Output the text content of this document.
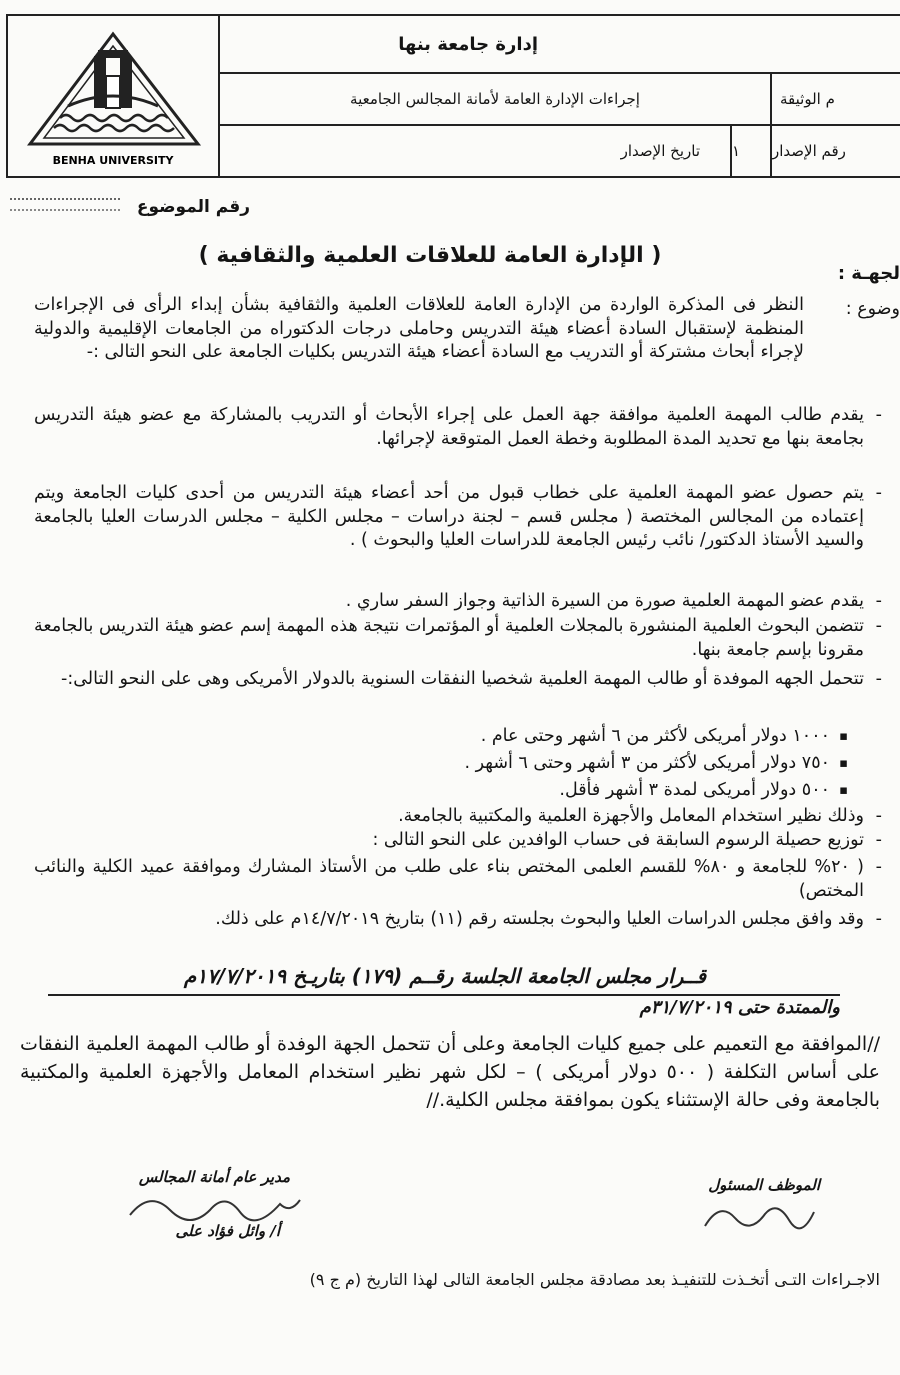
BENHA UNIVERSITY
إدارة جامعة بنها
إجراءات الإدارة العامة لأمانة المجالس الجامعية	م الوثيقة
تاريخ الإصدار ١ رقم الإصدار
رقم الموضوع
( الإدارة العامة للعلاقات العلمية والثقافية )
لجهـة :
وضوع :
النظر فى المذكرة الواردة من الإدارة العامة للعلاقات العلمية والثقافية بشأن إبداء الرأى فى الإجراءات المنظمة لإستقبال السادة أعضاء هيئة التدريس وحاملى درجات الدكتوراه من الجامعات الإقليمية والدولية لإجراء أبحاث مشتركة أو التدريب مع السادة أعضاء هيئة التدريس بكليات الجامعة على النحو التالى :-
- يقدم طالب المهمة العلمية موافقة جهة العمل على إجراء الأبحاث أو التدريب بالمشاركة مع عضو هيئة التدريس بجامعة بنها مع تحديد المدة المطلوبة وخطة العمل المتوقعة لإجرائها.
- يتم حصول عضو المهمة العلمية على خطاب قبول من أحد أعضاء هيئة التدريس من أحدى كليات الجامعة ويتم إعتماده من المجالس المختصة ( مجلس قسم – لجنة دراسات – مجلس الكلية – مجلس الدرسات العليا بالجامعة والسيد الأستاذ الدكتور/ نائب رئيس الجامعة للدراسات العليا والبحوث ) .
- يقدم عضو المهمة العلمية صورة من السيرة الذاتية وجواز السفر ساري .
- تتضمن البحوث العلمية المنشورة بالمجلات العلمية أو المؤتمرات نتيجة هذه المهمة إسم عضو هيئة التدريس بالجامعة مقرونا بإسم جامعة بنها.
- تتحمل الجهه الموفدة أو طالب المهمة العلمية شخصيا النفقات السنوية بالدولار الأمريكى وهى على النحو التالى:-
▪ ١٠٠٠ دولار أمريكى لأكثر من ٦ أشهر وحتى عام .
▪ ٧٥٠ دولار أمريكى لأكثر من ٣ أشهر وحتى ٦ أشهر .
▪ ٥٠٠ دولار أمريكى لمدة ٣ أشهر فأقل.
- وذلك نظير استخدام المعامل والأجهزة العلمية والمكتبية بالجامعة.
- توزيع حصيلة الرسوم السابقة فى حساب الوافدين على النحو التالى :
- ( ٢٠% للجامعة و ٨٠% للقسم العلمى المختص بناء على طلب من الأستاذ المشارك وموافقة عميد الكلية والنائب المختص)
- وقد وافق مجلس الدراسات العليا والبحوث بجلسته رقم (١١) بتاريخ ١٤/٧/٢٠١٩م على ذلك.
قــرار مجلس الجامعة الجلسة رقــم (١٧٩) بتاريـخ ١٧/٧/٢٠١٩م
والممتدة حتى ٣١/٧/٢٠١٩م
//الموافقة مع التعميم على جميع كليات الجامعة وعلى أن تتحمل الجهة الوفدة أو طالب المهمة العلمية النفقات على أساس التكلفة ( ٥٠٠ دولار أمريكى ) – لكل شهر نظير استخدام المعامل والأجهزة العلمية والمكتبية بالجامعة وفى حالة الإستثناء يكون بموافقة مجلس الكلية.//
مدير عام أمانة المجالس
أ/ وائل فؤاد على
الموظف المسئول
الاجـراءات التـى أتخـذت للتنفيـذ بعد مصادقة مجلس الجامعة التالى لهذا التاريخ (م ج ٩)
